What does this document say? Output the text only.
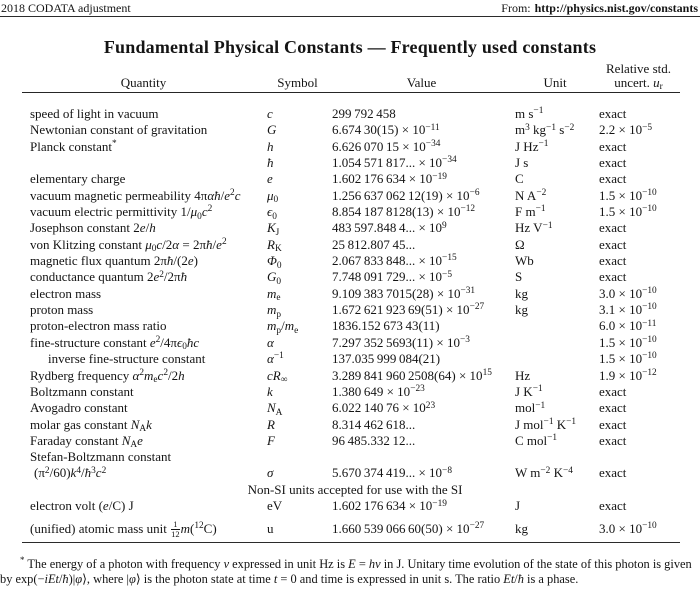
2018 CODATA adjustment	From: http://physics.nist.gov/constants
Fundamental Physical Constants — Frequently used constants
Quantity	Symbol	Value	Unit	Relative std.
uncert. $u_r$

speed of light in vacuum	c	299 792 458	m $s^{-1}$	exact
Newtonian constant of gravitation	G	6.674 $30(15) \times 10^{-11}$	$m^3$ $kg^{-1}$ $s^{-2}$	$2.2 \times 10^{-5}$
Planck constant*	h	6.626 070 $15 \times 10^{-34}$	J $Hz^{-1}$	exact
	ħ	1.054 571 817... × $10^{-34}$	J s	exact
elementary charge	e	1.602 176 $634 \times 10^{-19}$	C	exact
vacuum magnetic permeability $4\pi\alpha ħ/e^2c$	$\mu_0$	1.256 637 062 $12(19) \times 10^{-6}$	N $A^{-2}$	$1.5 \times 10^{-10}$
vacuum electric permittivity $1/\mu_0c^2$	$\epsilon_0$	8.854 187 $8128(13) \times 10^{-12}$	F $m^{-1}$	$1.5 \times 10^{-10}$
Josephson constant 2e/h	$K_J$	483 597.848 4... × $10^9$	Hz $V^{-1}$	exact
von Klitzing constant $\mu_0c/2\alpha$ = $2\pi ħ/e^2$	$R_K$	25 812.807 45...	Ω	exact
magnetic flux quantum 2πħ/(2e)	$\Phi_0$	2.067 833 848... × $10^{-15}$	Wb	exact
conductance quantum $2e^2/2\pi ħ$	$G_0$	7.748 091 729... × $10^{-5}$	S	exact
electron mass	$m_e$	9.109 383 $7015(28) \times 10^{-31}$	kg	$3.0 \times 10^{-10}$
proton mass	$m_p$	1.672 621 923 $69(51) \times 10^{-27}$	kg	$3.1 \times 10^{-10}$
proton-electron mass ratio	$m_p/m_e$	1836.152 673 43(11)		$6.0 \times 10^{-11}$
fine-structure constant $e^2/4\pi\epsilon_0ħc$	α	7.297 352 $5693(11) \times 10^{-3}$		$1.5 \times 10^{-10}$
inverse fine-structure constant	$\alpha^{-1}$	137.035 999 084(21)		$1.5 \times 10^{-10}$
Rydberg frequency $\alpha^2m_ec^2/2h$	$cR_\infty$	3.289 841 960 $2508(64) \times 10^{15}$	Hz	$1.9 \times 10^{-12}$
Boltzmann constant	k	1.380 $649 \times 10^{-23}$	J $K^{-1}$	exact
Avogadro constant	$N_A$	6.022 140 $76 \times 10^{23}$	mol$^{-1}$	exact
molar gas constant $N_Ak$	R	8.314 462 618...	J mol$^{-1}$ $K^{-1}$	exact
Faraday constant $N_Ae$	F	96 485.332 12...	C mol$^{-1}$	exact

Stefan-Boltzmann constant
$(\pi^2/60)k^4/ħ^3c^2$	σ	5.670 374 419... × $10^{-8}$	W $m^{-2}$ $K^{-4}$	exact
Non-SI units accepted for use with the SI				
electron volt (e/C) J	eV	1.602 176 $634 \times 10^{-19}$	J	exact
(unified) atomic mass unit $\frac{1}{12} m(^{12}C)$	u	1.660 539 066 $60(50) \times 10^{-27}$	kg	$3.0 \times 10^{-10}$

* The energy of a photon with frequency ν expressed in unit Hz is E = hν in J. Unitary time evolution of the state of this photon is given by exp(−iEt/ħ)|φ⟩, where |φ⟩ is the photon state at time t = 0 and time is expressed in unit s. The ratio Et/ħ is a phase.
